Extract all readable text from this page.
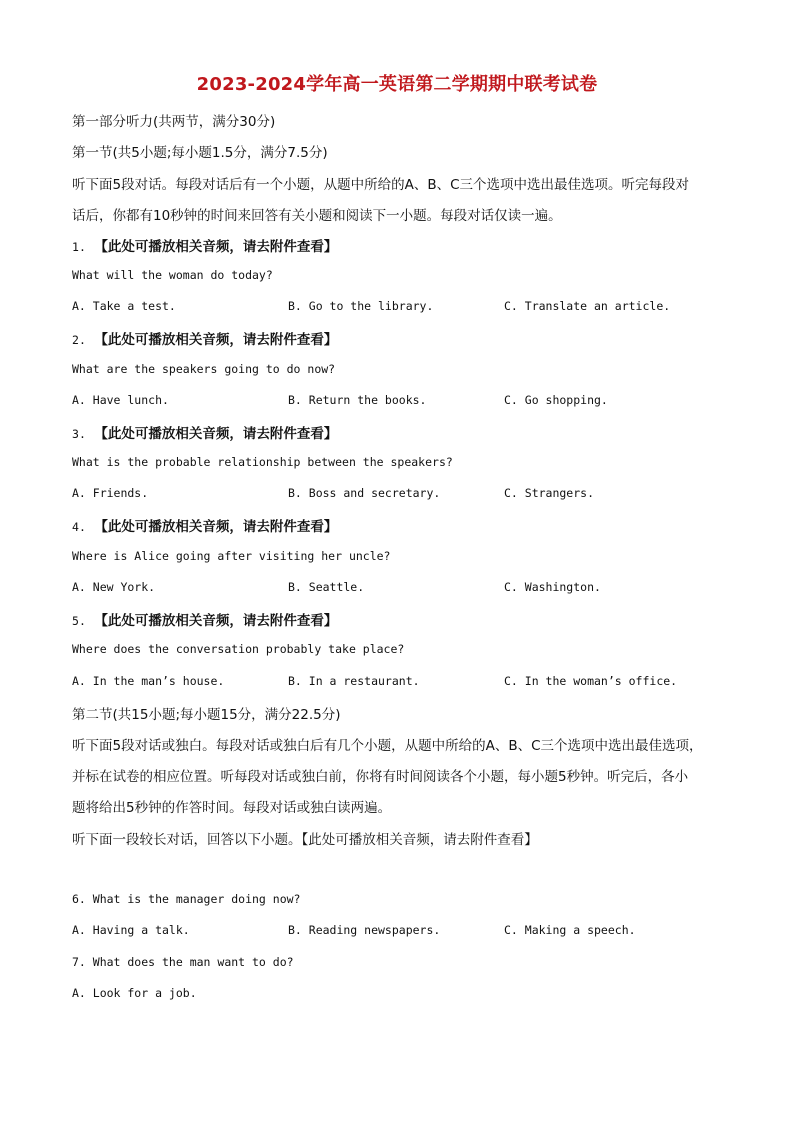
2023-2024学年高一英语第二学期期中联考试卷
第一部分听力(共两节，满分30分)
第一节(共5小题;每小题1.5分，满分7.5分)
听下面5段对话。每段对话后有一个小题，从题中所给的A、B、C三个选项中选出最佳选项。听完每段对
话后，你都有10秒钟的时间来回答有关小题和阅读下一小题。每段对话仅读一遍。
1. 【此处可播放相关音频，请去附件查看】
What will the woman do today?
A. Take a test.	B. Go to the library.	C. Translate an article.
2. 【此处可播放相关音频，请去附件查看】
What are the speakers going to do now?
A. Have lunch.	B. Return the books.	C. Go shopping.
3. 【此处可播放相关音频，请去附件查看】
What is the probable relationship between the speakers?
A. Friends.	B. Boss and secretary.	C. Strangers.
4. 【此处可播放相关音频，请去附件查看】
Where is Alice going after visiting her uncle?
A. New York.	B. Seattle.	C. Washington.
5. 【此处可播放相关音频，请去附件查看】
Where does the conversation probably take place?
A. In the man’s house.	B. In a restaurant.	C. In the woman’s office.
第二节(共15小题;每小题15分，满分22.5分)
听下面5段对话或独白。每段对话或独白后有几个小题，从题中所给的A、B、C三个选项中选出最佳选项，
并标在试卷的相应位置。听每段对话或独白前，你将有时间阅读各个小题，每小题5秒钟。听完后，各小
题将给出5秒钟的作答时间。每段对话或独白读两遍。
听下面一段较长对话，回答以下小题。【此处可播放相关音频，请去附件查看】
6. What is the manager doing now?
A. Having a talk.	B. Reading newspapers.	C. Making a speech.
7. What does the man want to do?
A. Look for a job.
